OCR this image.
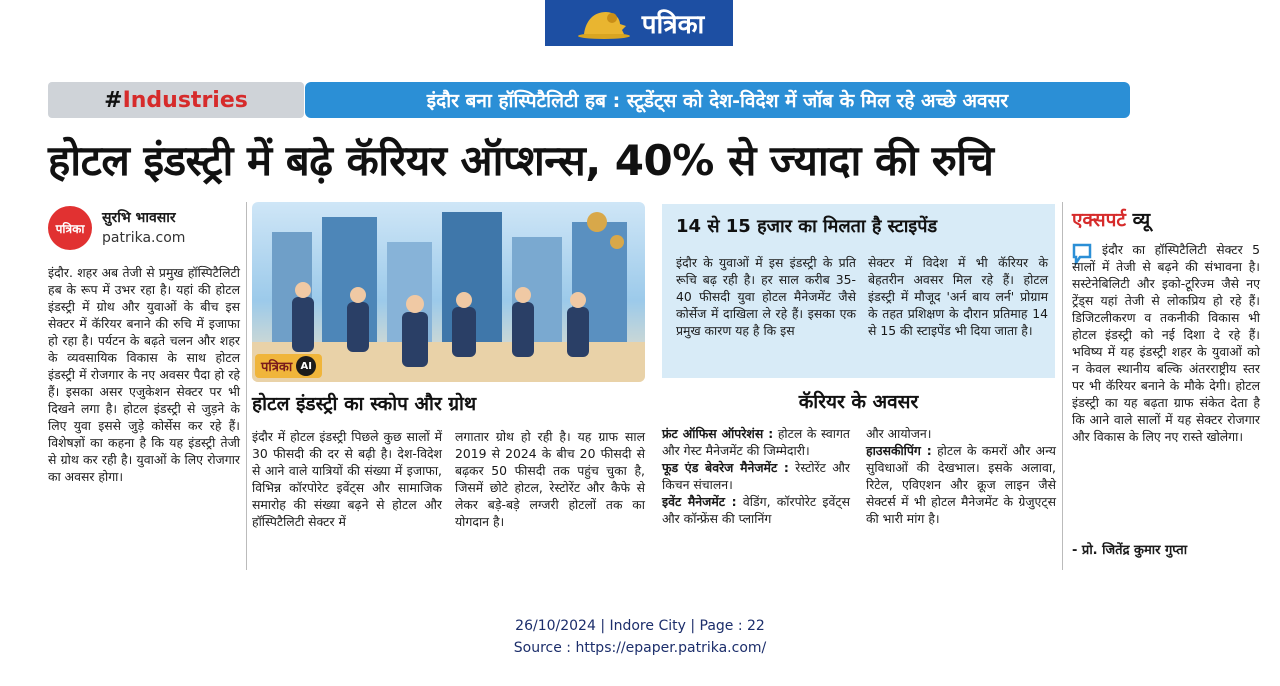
पत्रिका
# Industries	इंदौर बना हॉस्पिटैलिटी हब : स्टूडेंट्स को देश-विदेश में जॉब के मिल रहे अच्छे अवसर
होटल इंडस्ट्री में बढ़े कॅरियर ऑप्शन्स, 40% से ज्यादा की रुचि
पत्रिका
सुरभि भावसार
patrika.com
इंदौर. शहर अब तेजी से प्रमुख हॉस्पिटैलिटी हब के रूप में उभर रहा है। यहां की होटल इंडस्ट्री में ग्रोथ और युवाओं के बीच इस सेक्टर में कॅरियर बनाने की रुचि में इजाफा हो रहा है। पर्यटन के बढ़ते चलन और शहर के व्यवसायिक विकास के साथ होटल इंडस्ट्री में रोजगार के नए अवसर पैदा हो रहे हैं। इसका असर एजुकेशन सेक्टर पर भी दिखने लगा है। होटल इंडस्ट्री से जुड़ने के लिए युवा इससे जुड़े कोर्सेस कर रहे हैं। विशेषज्ञों का कहना है कि यह इंडस्ट्री तेजी से ग्रोथ कर रही है। युवाओं के लिए रोजगार का अवसर होगा।
पत्रिका AI
होटल इंडस्ट्री का स्कोप और ग्रोथ
इंदौर में होटल इंडस्ट्री पिछले कुछ सालों में 30 फीसदी की दर से बढ़ी है। देश-विदेश से आने वाले यात्रियों की संख्या में इजाफा, विभिन्न कॉरपोरेट इवेंट्स और सामाजिक समारोह की संख्या बढ़ने से होटल और हॉस्पिटैलिटी सेक्टर में
लगातार ग्रोथ हो रही है। यह ग्राफ साल 2019 से 2024 के बीच 20 फीसदी से बढ़कर 50 फीसदी तक पहुंच चुका है, जिसमें छोटे होटल, रेस्टोरेंट और कैफे से लेकर बड़े-बड़े लग्जरी होटलों तक का योगदान है।
14 से 15 हजार का मिलता है स्टाइपेंड
इंदौर के युवाओं में इस इंडस्ट्री के प्रति रूचि बढ़ रही है। हर साल करीब 35-40 फीसदी युवा होटल मैनेजमेंट जैसे कोर्सेज में दाखिला ले रहे हैं। इसका एक प्रमुख कारण यह है कि इस
सेक्टर में विदेश में भी कॅरियर के बेहतरीन अवसर मिल रहे हैं। होटल इंडस्ट्री में मौजूद 'अर्न बाय लर्न' प्रोग्राम के तहत प्रशिक्षण के दौरान प्रतिमाह 14 से 15 की स्टाइपेंड भी दिया जाता है।
कॅरियर के अवसर
फ्रंट ऑफिस ऑपरेशंस : होटल के स्वागत और गेस्ट मैनेजमेंट की जिम्मेदारी।
फूड एंड बेवरेज मैनेजमेंट : रेस्टोरेंट और किचन संचालन।
इवेंट मैनेजमेंट : वेडिंग, कॉरपोरेट इवेंट्स और कॉन्फ्रेंस की प्लानिंग
और आयोजन।
हाउसकीपिंग : होटल के कमरों और अन्य सुविधाओं की देखभाल। इसके अलावा, रिटेल, एविएशन और क्रूज लाइन जैसे सेक्टर्स में भी होटल मैनेजमेंट के ग्रेजुएट्स की भारी मांग है।
एक्सपर्ट व्यू
इंदौर का हॉस्पिटैलिटी सेक्टर 5 सालों में तेजी से बढ़ने की संभावना है। सस्टेनेबिलिटी और इको-टूरिज्म जैसे नए ट्रेंड्स यहां तेजी से लोकप्रिय हो रहे हैं। डिजिटलीकरण व तकनीकी विकास भी होटल इंडस्ट्री को नई दिशा दे रहे हैं। भविष्य में यह इंडस्ट्री शहर के युवाओं को न केवल स्थानीय बल्कि अंतरराष्ट्रीय स्तर पर भी कॅरियर बनाने के मौके देगी। होटल इंडस्ट्री का यह बढ़ता ग्राफ संकेत देता है कि आने वाले सालों में यह सेक्टर रोजगार और विकास के लिए नए रास्ते खोलेगा।
- प्रो. जितेंद्र कुमार गुप्ता
26/10/2024 | Indore City | Page : 22
Source : https://epaper.patrika.com/
